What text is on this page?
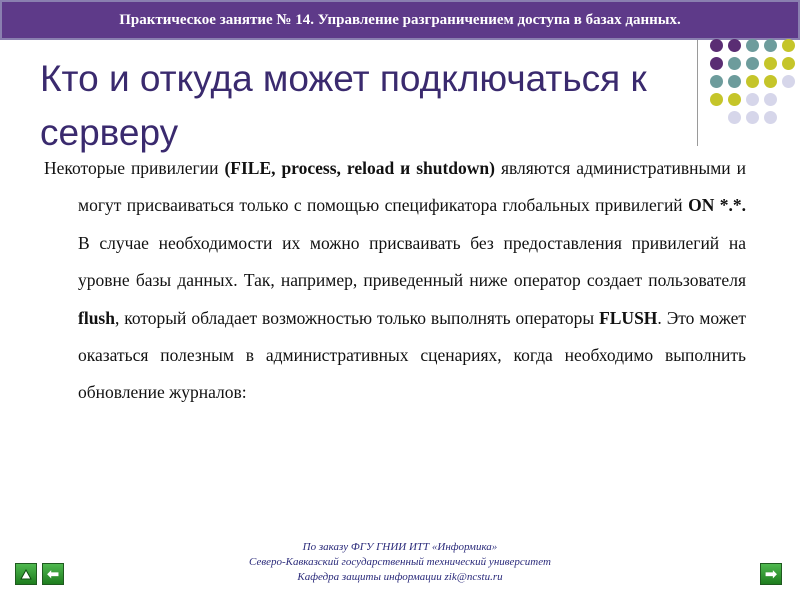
Практическое занятие № 14. Управление разграничением доступа в базах данных.
Кто и откуда может подключаться к серверу

Некоторые привилегии (FILE, process, reload и shutdown) являются административными и могут присваиваться только с помощью спецификатора глобальных привилегий ON *.*. В случае необходимости их можно присваивать без предоставления привилегий на уровне базы данных. Так, например, приведенный ниже оператор создает пользователя flush, который обладает возможностью только выполнять операторы FLUSH. Это может оказаться полезным в административных сценариях, когда необходимо выполнить обновление журналов:

По заказу ФГУ ГНИИ ИТТ «Информика»
Северо-Кавказский государственный технический университет
Кафедра защиты информации zik@ncstu.ru
⬅	➡
